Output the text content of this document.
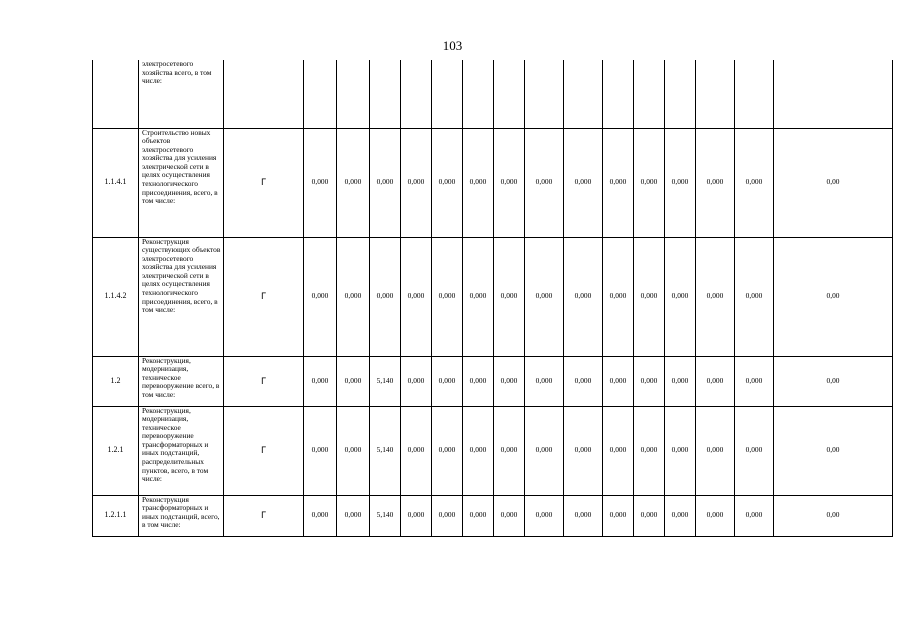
103
	электросетевого хозяйства всего, в том числе:																
1.1.4.1	Строительство новых объектов электросетевого хозяйства для усиления электрической сети в целях осуществления технологического присоединения, всего, в том числе:	Г	0,000	0,000	0,000	0,000	0,000	0,000	0,000	0,000	0,000	0,000	0,000	0,000	0,000	0,000	0,00
1.1.4.2	Реконструкция существующих объектов электросетевого хозяйства для усиления электрической сети в целях осуществления технологического присоединения, всего, в том числе:	Г	0,000	0,000	0,000	0,000	0,000	0,000	0,000	0,000	0,000	0,000	0,000	0,000	0,000	0,000	0,00
1.2	Реконструкция, модернизация, техническое перевооружение всего, в том числе:	Г	0,000	0,000	5,140	0,000	0,000	0,000	0,000	0,000	0,000	0,000	0,000	0,000	0,000	0,000	0,00
1.2.1	Реконструкция, модернизация, техническое перевооружение трансформаторных и иных подстанций, распределительных пунктов, всего, в том числе:	Г	0,000	0,000	5,140	0,000	0,000	0,000	0,000	0,000	0,000	0,000	0,000	0,000	0,000	0,000	0,00
1.2.1.1	Реконструкция трансформаторных и иных подстанций, всего, в том числе:	Г	0,000	0,000	5,140	0,000	0,000	0,000	0,000	0,000	0,000	0,000	0,000	0,000	0,000	0,000	0,00
